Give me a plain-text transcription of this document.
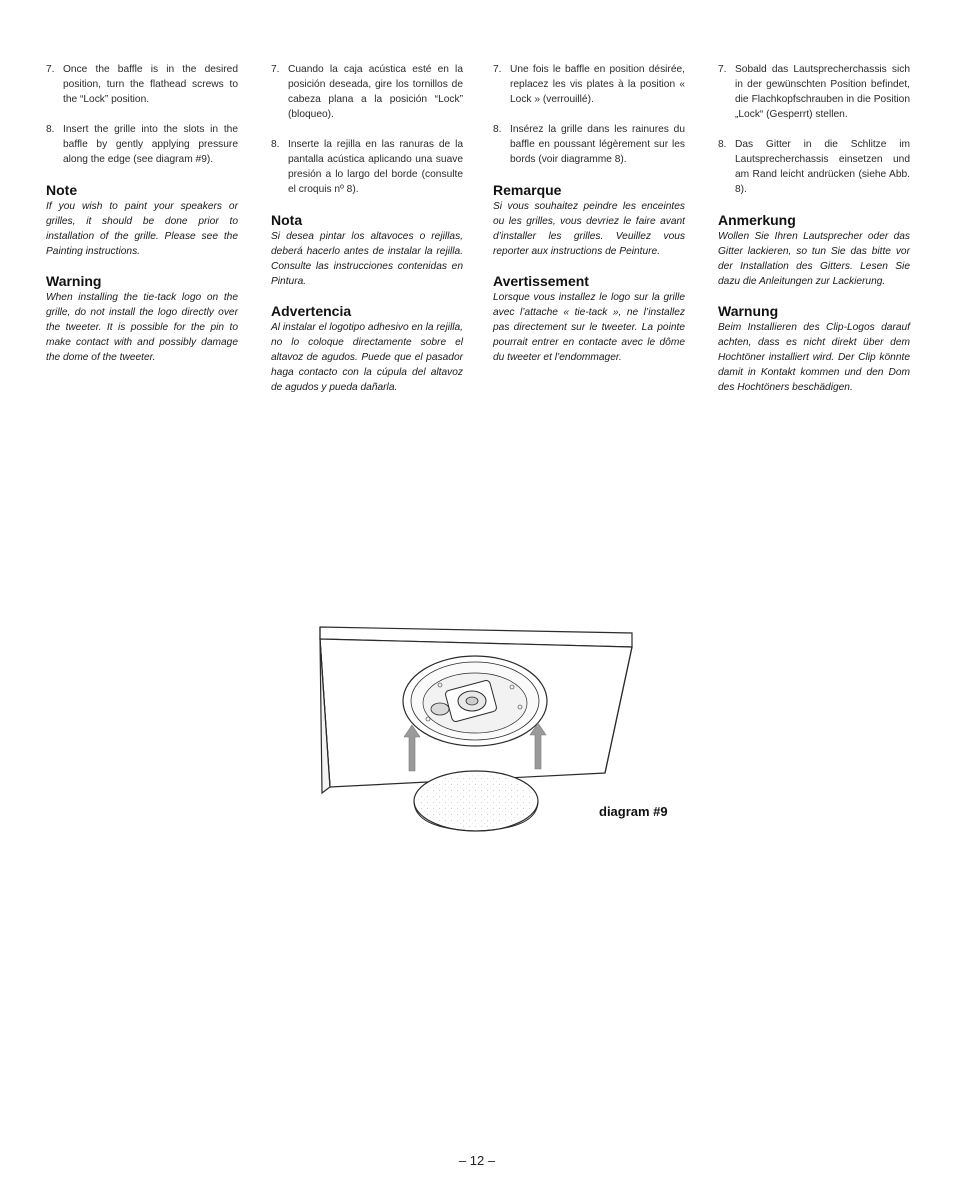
7. Once the baffle is in the desired position, turn the flathead screws to the “Lock” position.
8. Insert the grille into the slots in the baffle by gently applying pressure along the edge (see diagram #9).
Note

If you wish to paint your speakers or grilles, it should be done prior to installation of the grille. Please see the Painting instructions.

Warning

When installing the tie-tack logo on the grille, do not install the logo directly over the tweeter. It is possible for the pin to make contact with and possibly damage the dome of the tweeter.

7. Cuando la caja acústica esté en la posición deseada, gire los tornillos de cabeza plana a la posición “Lock” (bloqueo).
8. Inserte la rejilla en las ranuras de la pantalla acústica aplicando una suave presión a lo largo del borde (consulte el croquis nº 8).
Nota

Si desea pintar los altavoces o rejillas, deberá hacerlo antes de instalar la rejilla. Consulte las instrucciones contenidas en Pintura.

Advertencia

Al instalar el logotipo adhesivo en la rejilla, no lo coloque directamente sobre el altavoz de agudos. Puede que el pasador haga contacto con la cúpula del altavoz de agudos y pueda dañarla.

7. Une fois le baffle en position désirée, replacez les vis plates à la position « Lock » (verrouillé).
8. Insérez la grille dans les rainures du baffle en poussant légèrement sur les bords (voir diagramme 8).
Remarque

Si vous souhaitez peindre les enceintes ou les grilles, vous devriez le faire avant d’installer les grilles. Veuillez vous reporter aux instructions de Peinture.

Avertissement

Lorsque vous installez le logo sur la grille avec l’attache « tie-tack », ne l’installez pas directement sur le tweeter. La pointe pourrait entrer en contacte avec le dôme du tweeter et l’endommager.

7. Sobald das Lautsprecherchassis sich in der gewünschten Position befindet, die Flachkopfschrauben in die Position „Lock“ (Gesperrt) stellen.
8. Das Gitter in die Schlitze im Lautsprecherchassis einsetzen und am Rand leicht andrücken (siehe Abb. 8).
Anmerkung

Wollen Sie Ihren Lautsprecher oder das Gitter lackieren, so tun Sie das bitte vor der Installation des Gitters. Lesen Sie dazu die Anleitungen zur Lackierung.

Warnung

Beim Installieren des Clip-Logos darauf achten, dass es nicht direkt über dem Hochtöner installiert wird. Der Clip könnte damit in Kontakt kommen und den Dom des Hochtöners beschädigen.

diagram #9
– 12 –
